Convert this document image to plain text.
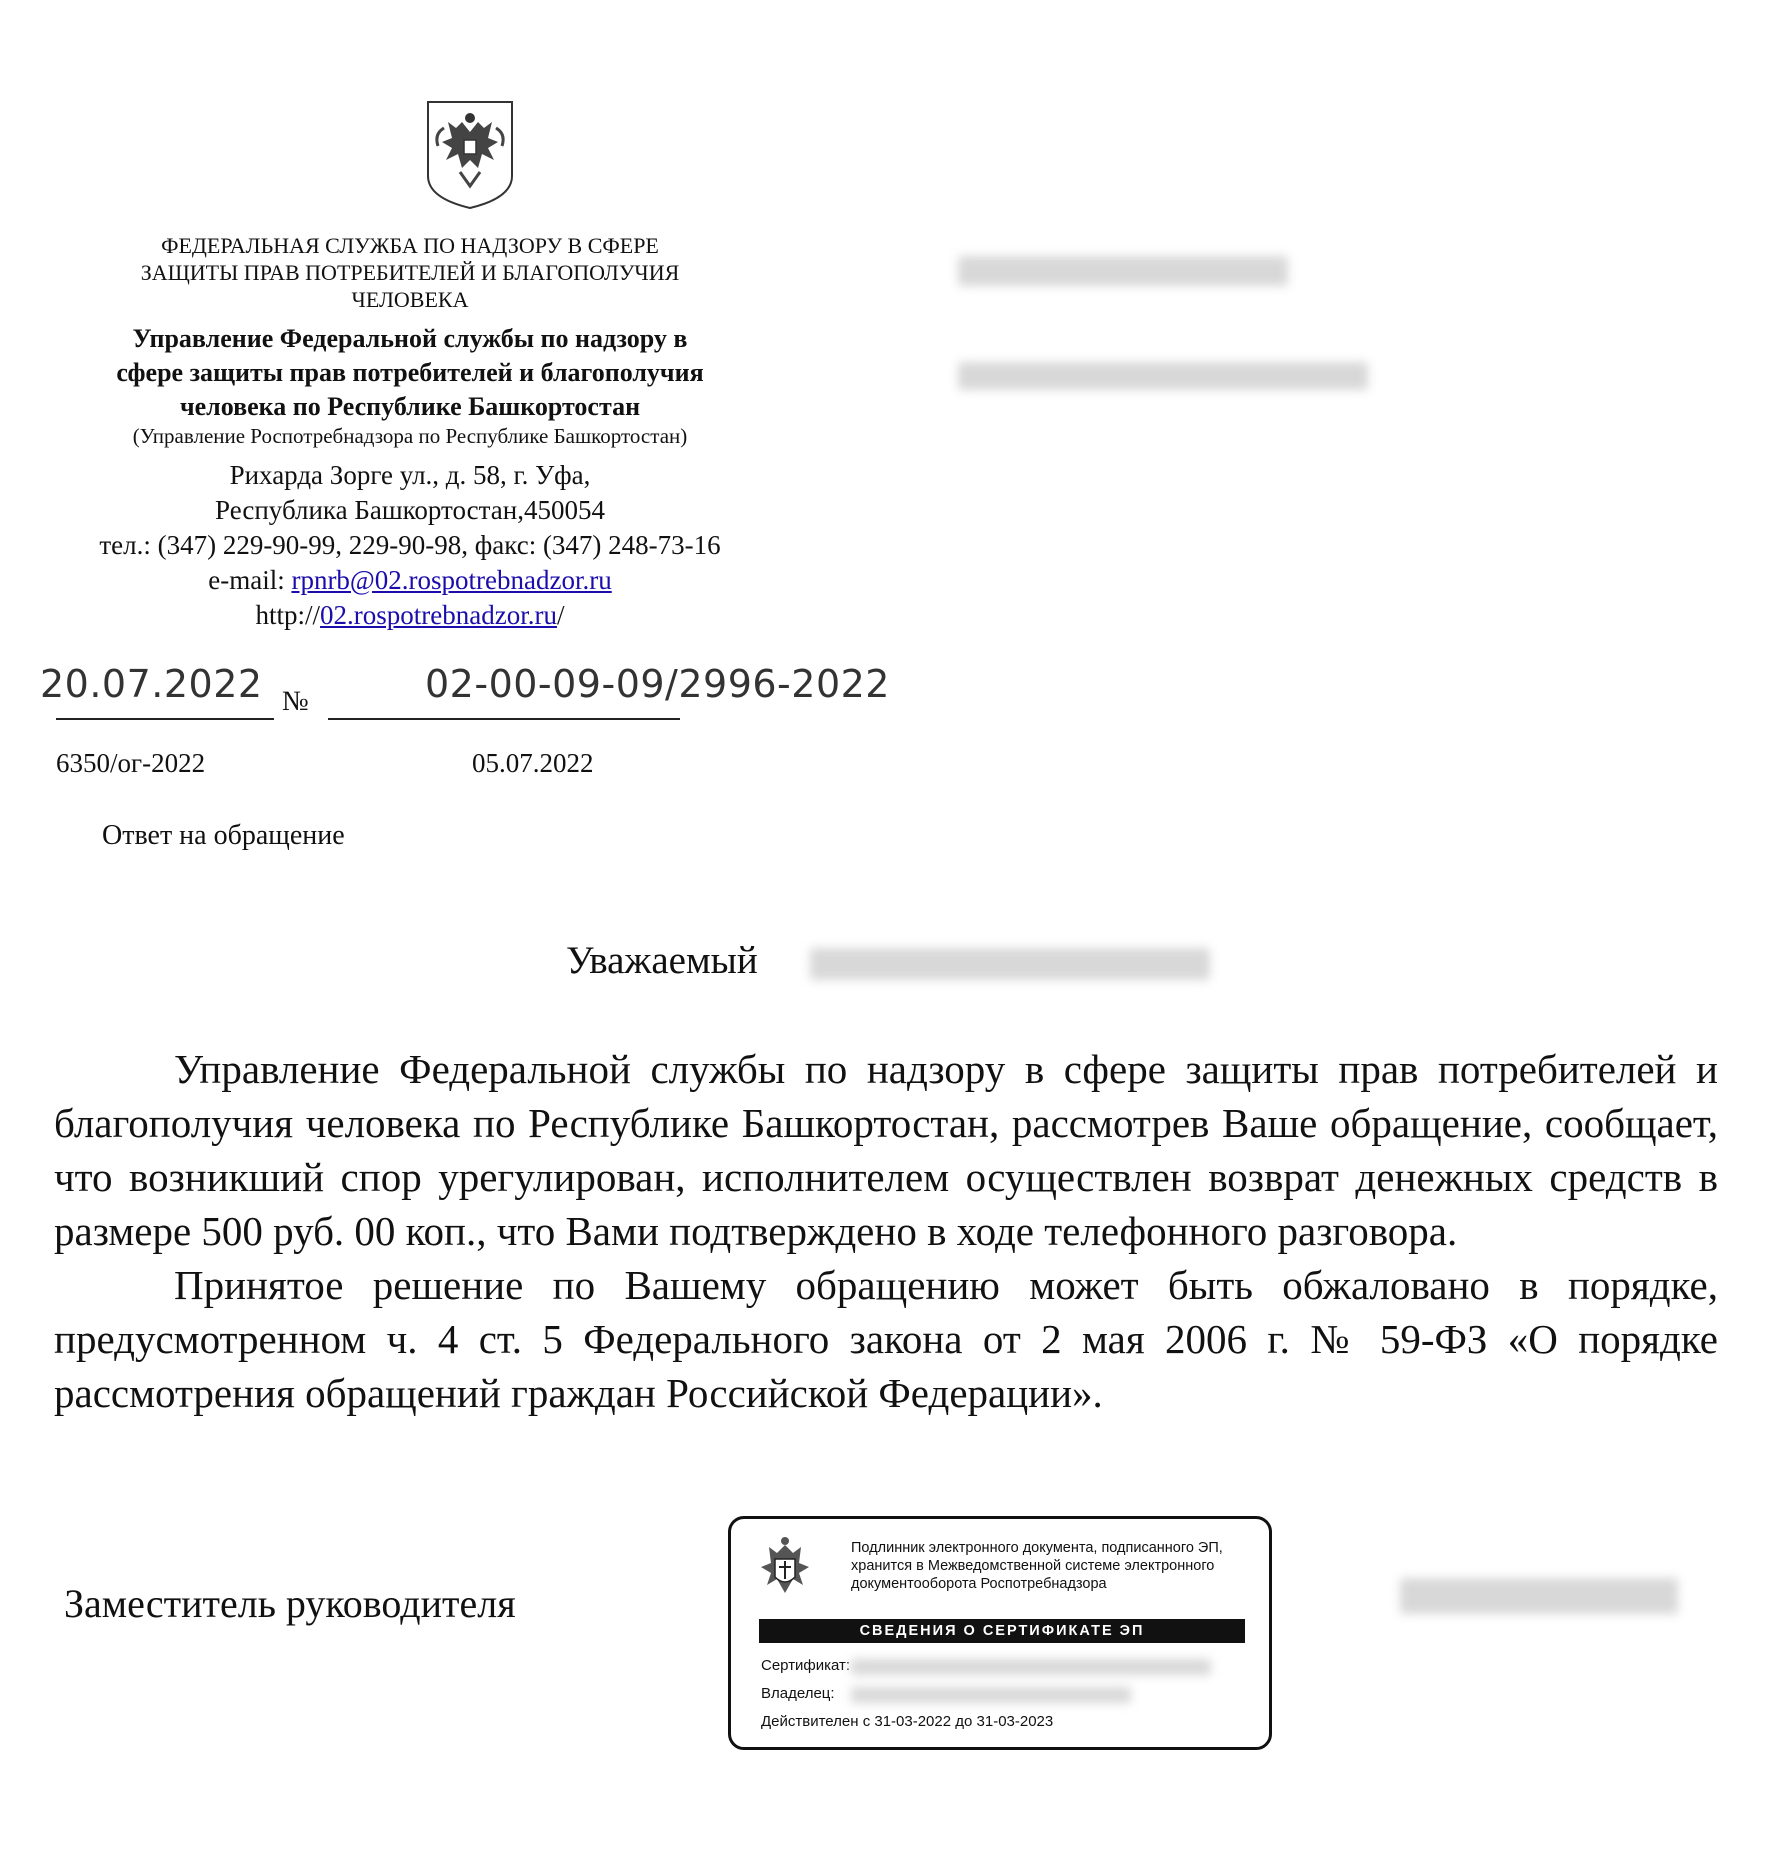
ФЕДЕРАЛЬНАЯ СЛУЖБА ПО НАДЗОРУ В СФЕРЕ
ЗАЩИТЫ ПРАВ ПОТРЕБИТЕЛЕЙ И БЛАГОПОЛУЧИЯ
ЧЕЛОВЕКА
Управление Федеральной службы по надзору в
сфере защиты прав потребителей и благополучия
человека по Республике Башкортостан
(Управление Роспотребнадзора по Республике Башкортостан)
Рихарда Зорге ул., д. 58, г. Уфа,
Республика Башкортостан,450054
тел.: (347) 229-90-99, 229-90-98, факс: (347) 248-73-16
e-mail: rpnrb@02.rospotrebnadzor.ru
http://02.rospotrebnadzor.ru/
20.07.2022 №	02-00-09-09/2996-2022
6350/ог-2022	05.07.2022
Ответ на обращение
Уважаемый

Управление Федеральной службы по надзору в сфере защиты прав потребителей и благополучия человека по Республике Башкортостан, рассмотрев Ваше обращение, сообщает, что возникший спор урегулирован, исполнителем осуществлен возврат денежных средств в размере 500 руб. 00 коп., что Вами подтверждено в ходе телефонного разговора.

Принятое решение по Вашему обращению может быть обжаловано в порядке, предусмотренном ч. 4 ст. 5 Федерального закона от 2 мая 2006 г. № 59-ФЗ «О порядке рассмотрения обращений граждан Российской Федерации».

Заместитель руководителя
Подлинник электронного документа, подписанного ЭП,
хранится в Межведомственной системе электронного
документооборота Роспотребнадзора
СВЕДЕНИЯ О СЕРТИФИКАТЕ ЭП
Сертификат:
Владелец:
Действителен с 31-03-2022 до 31-03-2023
